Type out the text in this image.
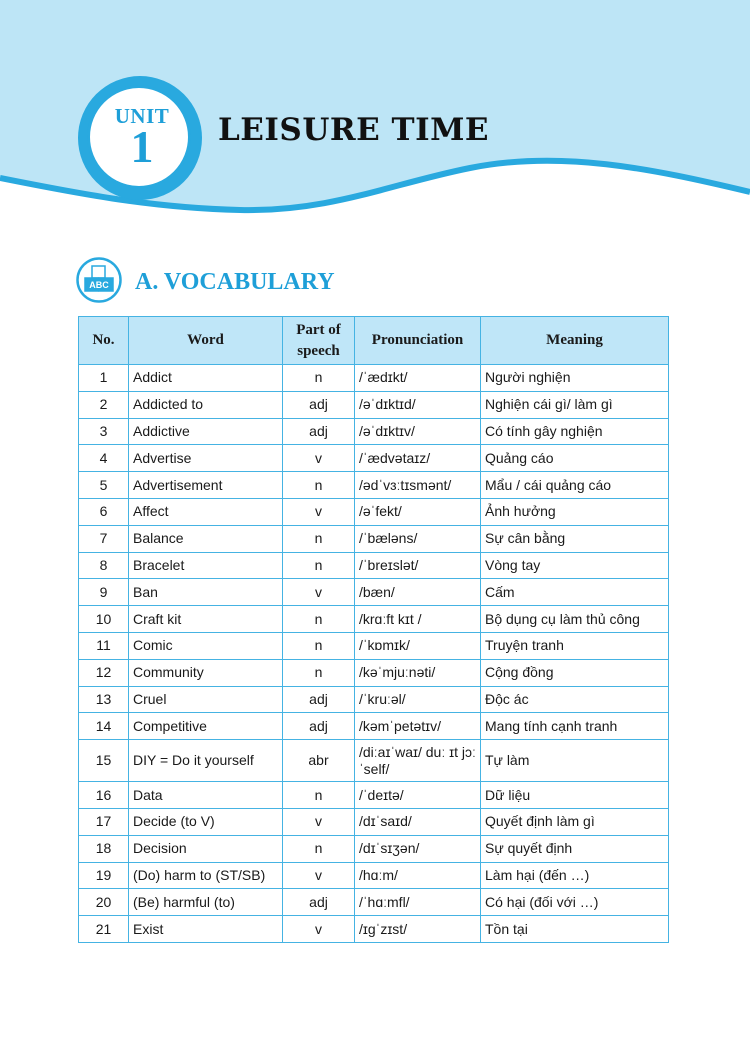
UNIT
1	LEISURE TIME
ABC A. VOCABULARY
No.	Word	Part of speech	Pronunciation	Meaning
1	Addict	n	/ˈædɪkt/	Người nghiện
2	Addicted to	adj	/əˈdɪktɪd/	Nghiện cái gì/ làm gì
3	Addictive	adj	/əˈdɪktɪv/	Có tính gây nghiện
4	Advertise	v	/ˈædvətaɪz/	Quảng cáo
5	Advertisement	n	/ədˈvɜːtɪsmənt/	Mẩu / cái quảng cáo
6	Affect	v	/əˈfekt/	Ảnh hưởng
7	Balance	n	/ˈbæləns/	Sự cân bằng
8	Bracelet	n	/ˈbreɪslət/	Vòng tay
9	Ban	v	/bæn/	Cấm
10	Craft kit	n	/krɑːft kɪt /	Bộ dụng cụ làm thủ công
11	Comic	n	/ˈkɒmɪk/	Truyện tranh
12	Community	n	/kəˈmjuːnəti/	Cộng đồng
13	Cruel	adj	/ˈkruːəl/	Độc ác
14	Competitive	adj	/kəmˈpetətɪv/	Mang tính cạnh tranh
15	DIY = Do it yourself	abr	/diːaɪˈwaɪ/ duː ɪt jɔːˈself/	Tự làm
16	Data	n	/ˈdeɪtə/	Dữ liệu
17	Decide (to V)	v	/dɪˈsaɪd/	Quyết định làm gì
18	Decision	n	/dɪˈsɪʒən/	Sự quyết định
19	(Do) harm to (ST/SB)	v	/hɑːm/	Làm hại (đến …)
20	(Be) harmful (to)	adj	/ˈhɑːmfl/	Có hại (đối với …)
21	Exist	v	/ɪgˈzɪst/	Tồn tại
